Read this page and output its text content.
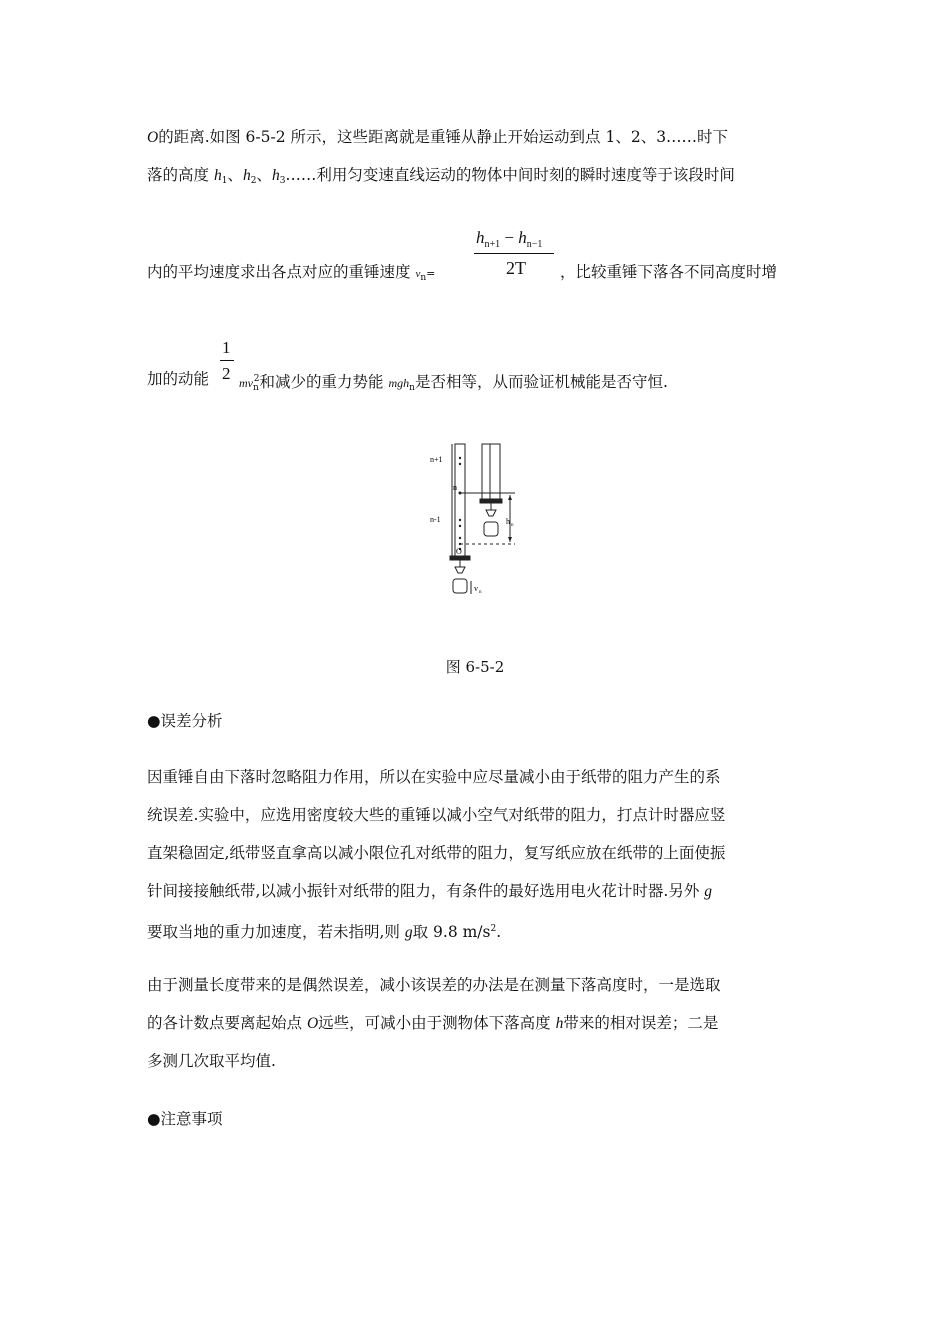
O的距离.如图 6-5-2 所示，这些距离就是重锤从静止开始运动到点 1、2、3……时下
落的高度 $h_1$、$h_2$、$h_3\dots\dots$利用匀变速直线运动的物体中间时刻的瞬时速度等于该段时间
$h_{n+1} - h_{n-1}$
2T
内的平均速度求出各点对应的重锤速度 $v_n=$	，比较重锤下落各不同高度时增
1
2
加的动能 $mv_n^2$和减少的重力势能 mgh$_n$是否相等，从而验证机械能是否守恒.
n+1
n
n-1
O
h n
v n
图 6-5-2
●误差分析
因重锤自由下落时忽略阻力作用，所以在实验中应尽量减小由于纸带的阻力产生的系
统误差.实验中，应选用密度较大些的重锤以减小空气对纸带的阻力，打点计时器应竖
直架稳固定,纸带竖直拿高以减小限位孔对纸带的阻力，复写纸应放在纸带的上面使振
针间接接触纸带,以减小振针对纸带的阻力，有条件的最好选用电火花计时器.另外 g
要取当地的重力加速度，若未指明,则 g取 9.8 $m/s^2$.
由于测量长度带来的是偶然误差，减小该误差的办法是在测量下落高度时，一是选取
的各计数点要离起始点 O远些，可减小由于测物体下落高度 h带来的相对误差；二是
多测几次取平均值.
●注意事项
